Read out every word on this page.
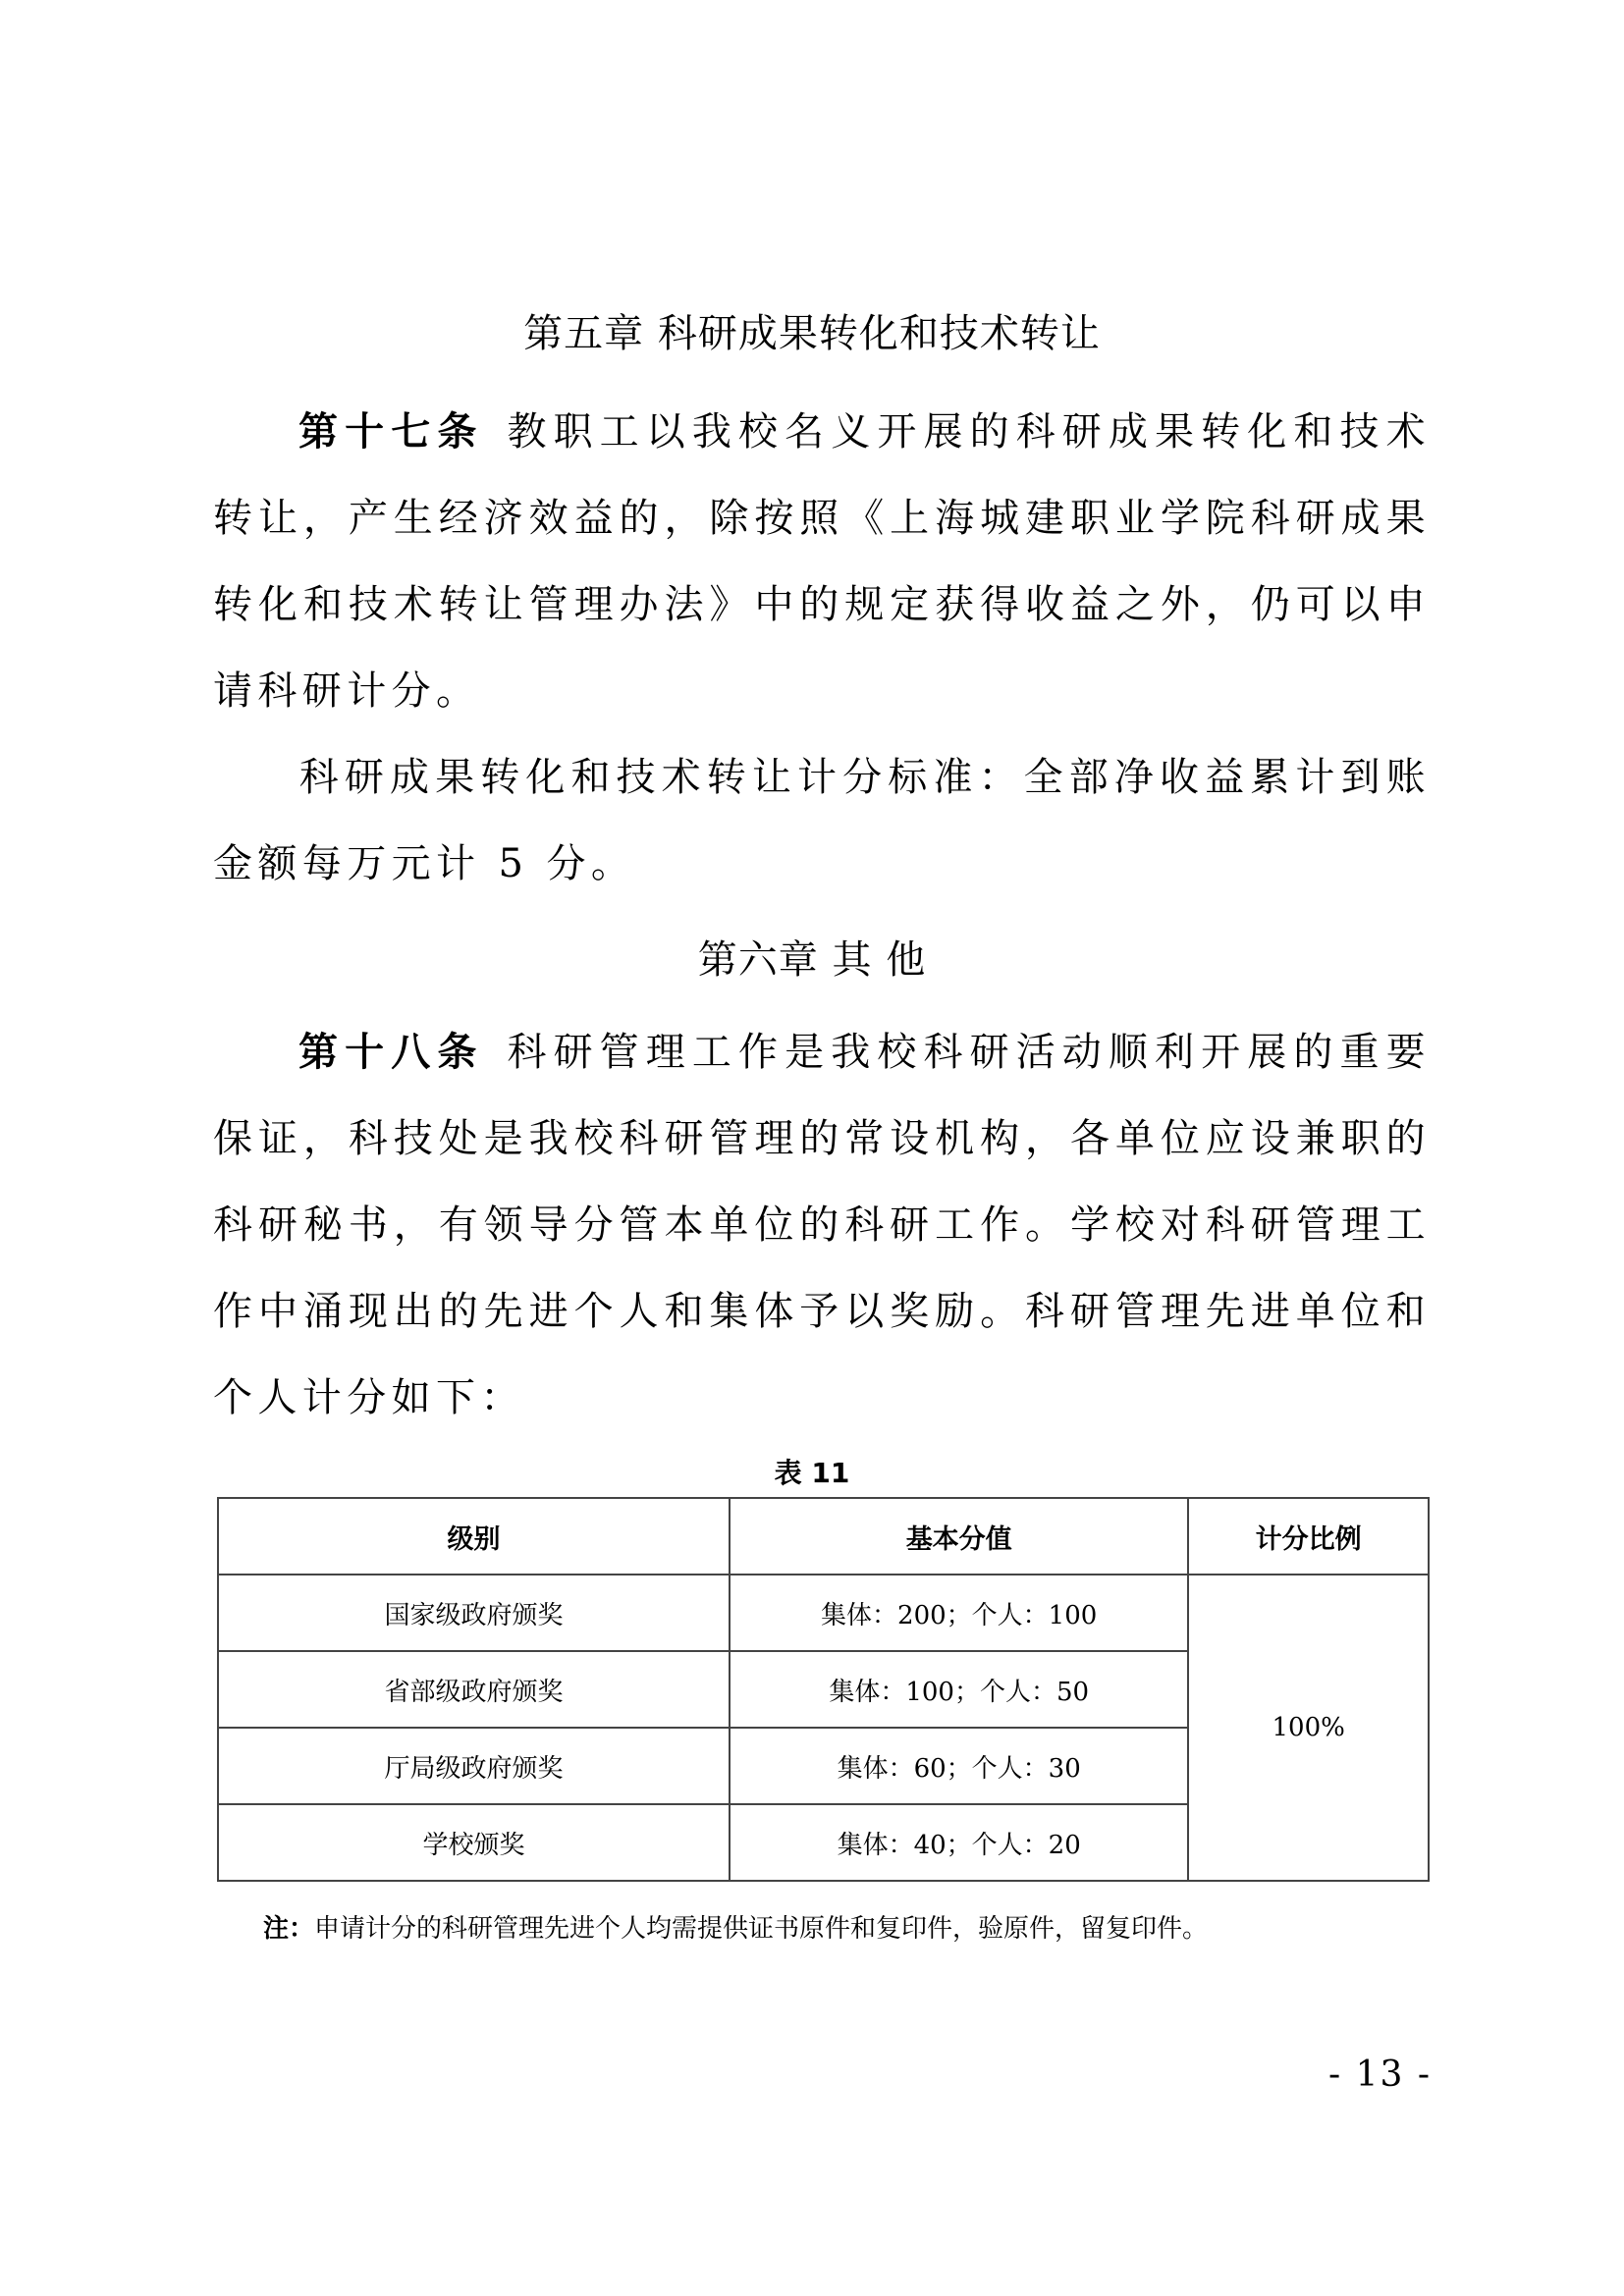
第五章 科研成果转化和技术转让
第十七条 教职工以我校名义开展的科研成果转化和技术转让，产生经济效益的，除按照《上海城建职业学院科研成果转化和技术转让管理办法》中的规定获得收益之外，仍可以申请科研计分。
科研成果转化和技术转让计分标准：全部净收益累计到账金额每万元计 5 分。
第六章 其 他
第十八条 科研管理工作是我校科研活动顺利开展的重要保证，科技处是我校科研管理的常设机构，各单位应设兼职的科研秘书，有领导分管本单位的科研工作。学校对科研管理工作中涌现出的先进个人和集体予以奖励。科研管理先进单位和个人计分如下：
表 11
级别	基本分值	计分比例
国家级政府颁奖	集体：200；个人：100	100%
省部级政府颁奖	集体：100；个人：50	
厅局级政府颁奖	集体：60；个人：30	
学校颁奖	集体：40；个人：20	
注：申请计分的科研管理先进个人均需提供证书原件和复印件，验原件，留复印件。
- 13 -
